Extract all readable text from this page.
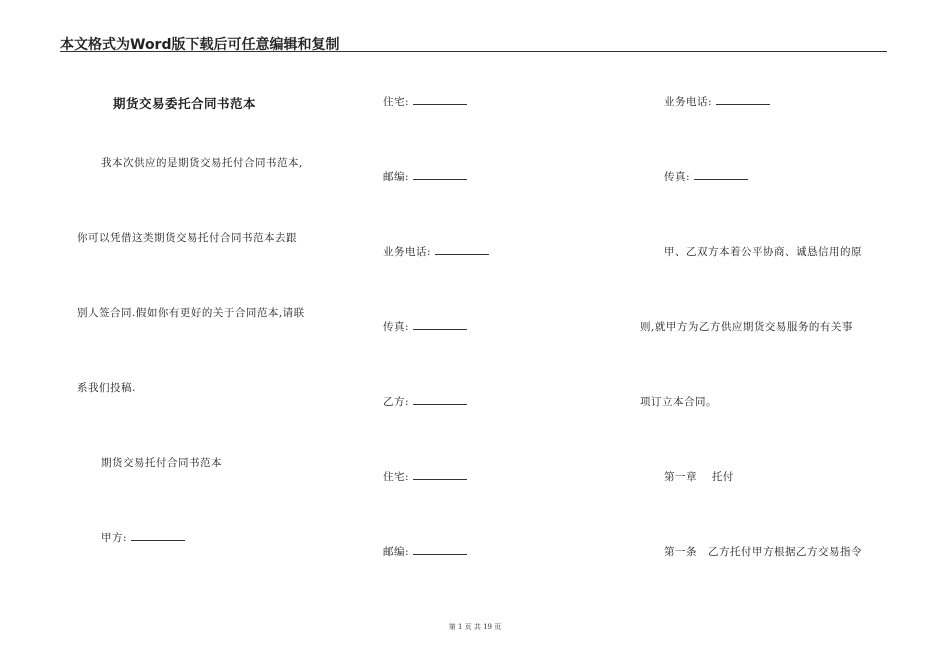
本文格式为Word版下载后可任意编辑和复制
期货交易委托合同书范本
我本次供应的是期货交易托付合同书范本,
你可以凭借这类期货交易托付合同书范本去跟
别人签合同.假如你有更好的关于合同范本,请联
系我们投稿.
期货交易托付合同书范本
甲方:
住宅:
邮编:
业务电话:
传真:
乙方:
住宅:
邮编:
业务电话:
传真:
甲、乙双方本着公平协商、诚恳信用的原
则,就甲方为乙方供应期货交易服务的有关事
项订立本合同。
第一章　 托付
第一条　乙方托付甲方根据乙方交易指令
第 1 页 共 19 页
